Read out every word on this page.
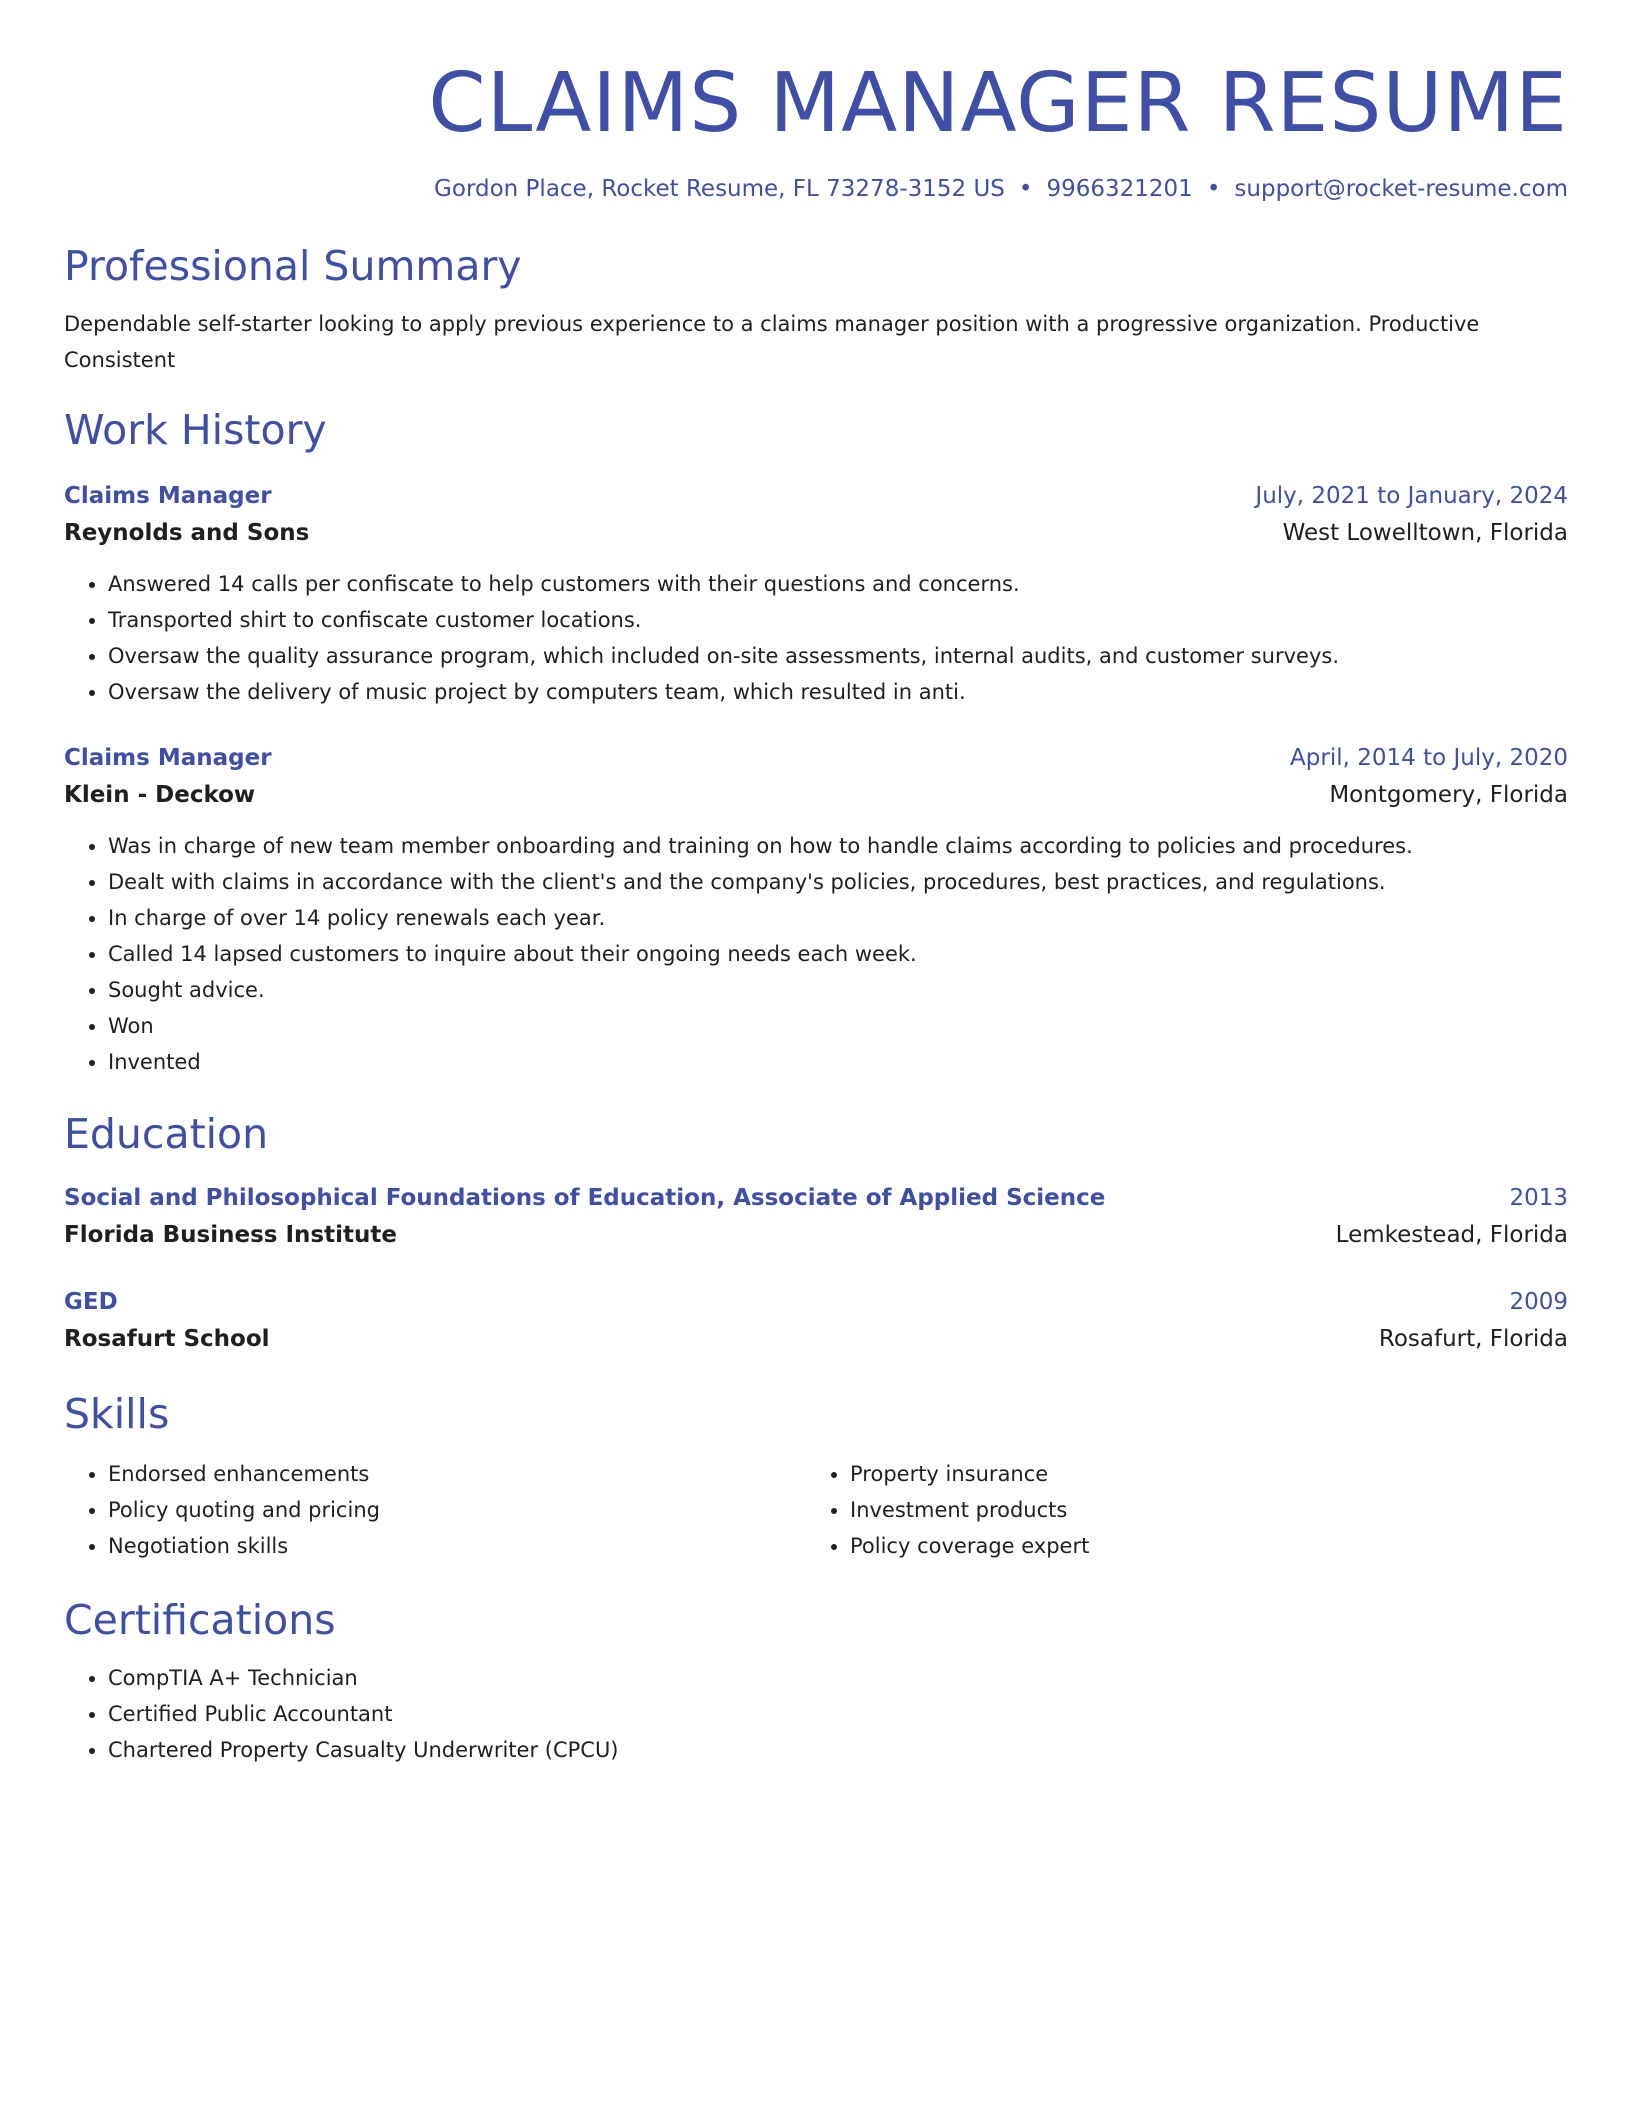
CLAIMS MANAGER RESUME
Gordon Place, Rocket Resume, FL 73278-3152 US • 9966321201 • support@rocket-resume.com
Professional Summary
Dependable self-starter looking to apply previous experience to a claims manager position with a progressive organization. Productive Consistent
Work History
Claims Manager	July, 2021 to January, 2024
Reynolds and Sons	West Lowelltown, Florida
• Answered 14 calls per confiscate to help customers with their questions and concerns.
• Transported shirt to confiscate customer locations.
• Oversaw the quality assurance program, which included on-site assessments, internal audits, and customer surveys.
• Oversaw the delivery of music project by computers team, which resulted in anti.
Claims Manager	April, 2014 to July, 2020
Klein - Deckow	Montgomery, Florida
• Was in charge of new team member onboarding and training on how to handle claims according to policies and procedures.
• Dealt with claims in accordance with the client's and the company's policies, procedures, best practices, and regulations.
• In charge of over 14 policy renewals each year.
• Called 14 lapsed customers to inquire about their ongoing needs each week.
• Sought advice.
• Won
• Invented
Education
Social and Philosophical Foundations of Education, Associate of Applied Science	2013
Florida Business Institute	Lemkestead, Florida
GED	2009
Rosafurt School	Rosafurt, Florida
Skills
• Endorsed enhancements
• Policy quoting and pricing
• Negotiation skills
• Property insurance
• Investment products
• Policy coverage expert
Certifications
• CompTIA A+ Technician
• Certified Public Accountant
• Chartered Property Casualty Underwriter (CPCU)
